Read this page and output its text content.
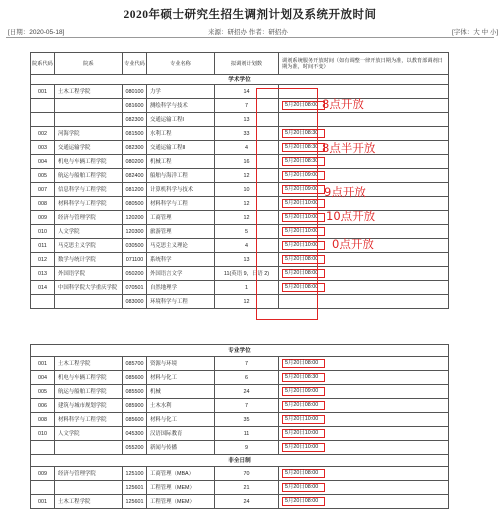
2020年硕士研究生招生调剂计划及系统开放时间
[日期：2020-05-18]	来源：研招办 作者：研招办	[字体：大 中 小]
院系代码	院系	专业代码	专业名称	拟调剂计划数	调剂系统服务开放时间（如有调整一律开放日期为准，以教育部调剂日期为准，时间不变）
学术学位					
001	土木工程学院	080100	力学	14	
		081600	测绘科学与技术	7	5月20日08:00
		082300	交通运输工程Ⅰ	13	
002	河海学院	081500	水利工程	33	5月20日08:30
003	交通运输学院	082300	交通运输工程Ⅱ	4	5月20日08:30
004	机电与车辆工程学院	080200	机械工程	16	5月20日08:30
005	航运与船舶工程学院	082400	船舶与海洋工程	12	5月20日09:00
007	信息科学与工程学院	081200	计算机科学与技术	10	5月20日09:00
008	材料科学与工程学院	080500	材料科学与工程	12	5月20日10:00
009	经济与管理学院	120200	工商管理	12	5月20日10:00
010	人文学院	120300	旅游管理	5	5月20日10:00
011	马克思主义学院	030500	马克思主义理论	4	5月20日10:00
012	数学与统计学院	071100	系统科学	13	5月20日08:00
013	外国语学院	050200	外国语言文学	11(英语 9，日语 2)	5月20日08:00
014	中国科学院大学重庆学院	070501	自然地理学	1	5月20日08:00
		083000	环境科学与工程	12	
专业学位					
001	土木工程学院	085700	资源与环境	7	5月20日08:00
004	机电与车辆工程学院	085600	材料与化工	6	5月20日08:30
005	航运与船舶工程学院	085500	机械	24	5月20日09:00
006	建筑与城市规划学院	085900	土木水利	7	5月20日08:00
008	材料科学与工程学院	085600	材料与化工	35	5月20日10:00
010	人文学院	045300	汉语国际教育	11	5月20日10:00
		055200	新闻与传播	9	5月20日10:00
非全日制					
009	经济与管理学院	125100	工商管理（MBA）	70	5月20日08:00
		125601	工程管理（MEM）	21	5月20日08:00
001	土木工程学院	125601	工程管理（MEM）	24	5月20日08:00
8点开放
8点半开放
9点开放
10点开放
0点开放
